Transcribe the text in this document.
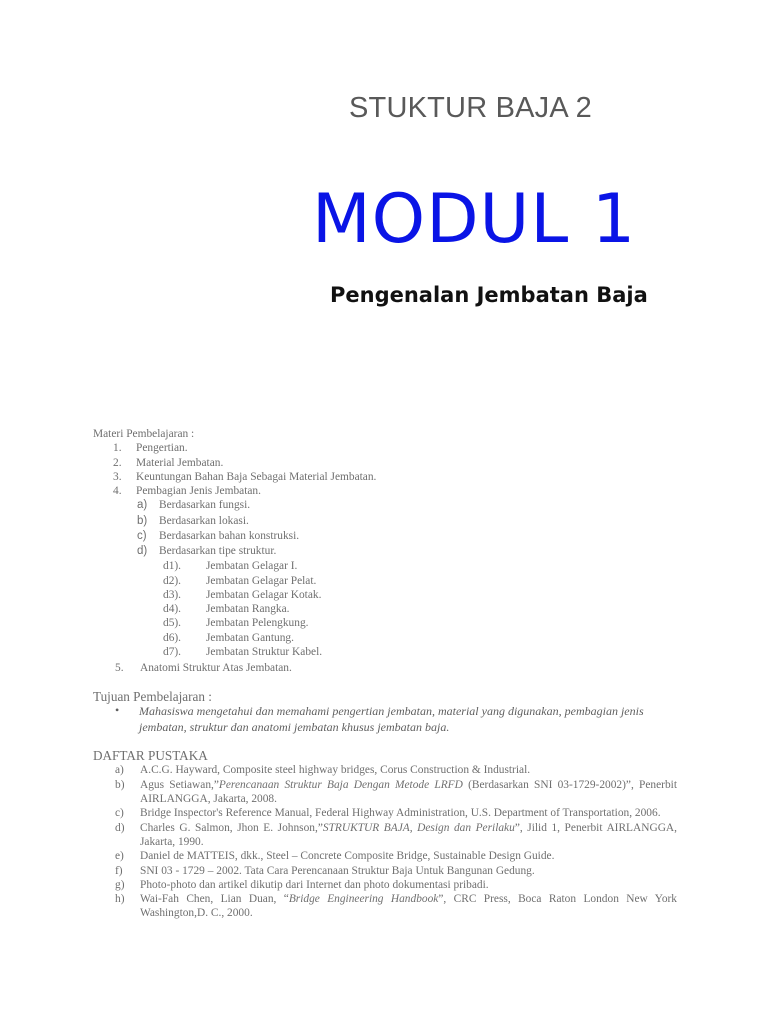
STUKTUR BAJA 2
MODUL 1
Pengenalan Jembatan Baja
Materi Pembelajaran :
1. Pengertian.
2. Material Jembatan.
3. Keuntungan Bahan Baja Sebagai Material Jembatan.
4. Pembagian Jenis Jembatan.
a) Berdasarkan fungsi.
b) Berdasarkan lokasi.
c) Berdasarkan bahan konstruksi.
d) Berdasarkan tipe struktur.
d1). Jembatan Gelagar I.
d2). Jembatan Gelagar Pelat.
d3). Jembatan Gelagar Kotak.
d4). Jembatan Rangka.
d5). Jembatan Pelengkung.
d6). Jembatan Gantung.
d7). Jembatan Struktur Kabel.
5. Anatomi Struktur Atas Jembatan.
Tujuan Pembelajaran :
• Mahasiswa mengetahui dan memahami pengertian jembatan, material yang digunakan, pembagian jenis jembatan, struktur dan anatomi jembatan khusus jembatan baja.
DAFTAR PUSTAKA
a) A.C.G. Hayward, Composite steel highway bridges, Corus Construction & Industrial.
b) Agus Setiawan,”Perencanaan Struktur Baja Dengan Metode LRFD (Berdasarkan SNI 03-1729-2002)”, Penerbit AIRLANGGA, Jakarta, 2008.
c) Bridge Inspector's Reference Manual, Federal Highway Administration, U.S. Department of Transportation, 2006.
d) Charles G. Salmon, Jhon E. Johnson,”STRUKTUR BAJA, Design dan Perilaku”, Jilid 1, Penerbit AIRLANGGA, Jakarta, 1990.
e) Daniel de MATTEIS, dkk., Steel – Concrete Composite Bridge, Sustainable Design Guide.
f) SNI 03 - 1729 – 2002. Tata Cara Perencanaan Struktur Baja Untuk Bangunan Gedung.
g) Photo-photo dan artikel dikutip dari Internet dan photo dokumentasi pribadi.
h) Wai-Fah Chen, Lian Duan, “Bridge Engineering Handbook”, CRC Press, Boca Raton London New York Washington,D. C., 2000.
